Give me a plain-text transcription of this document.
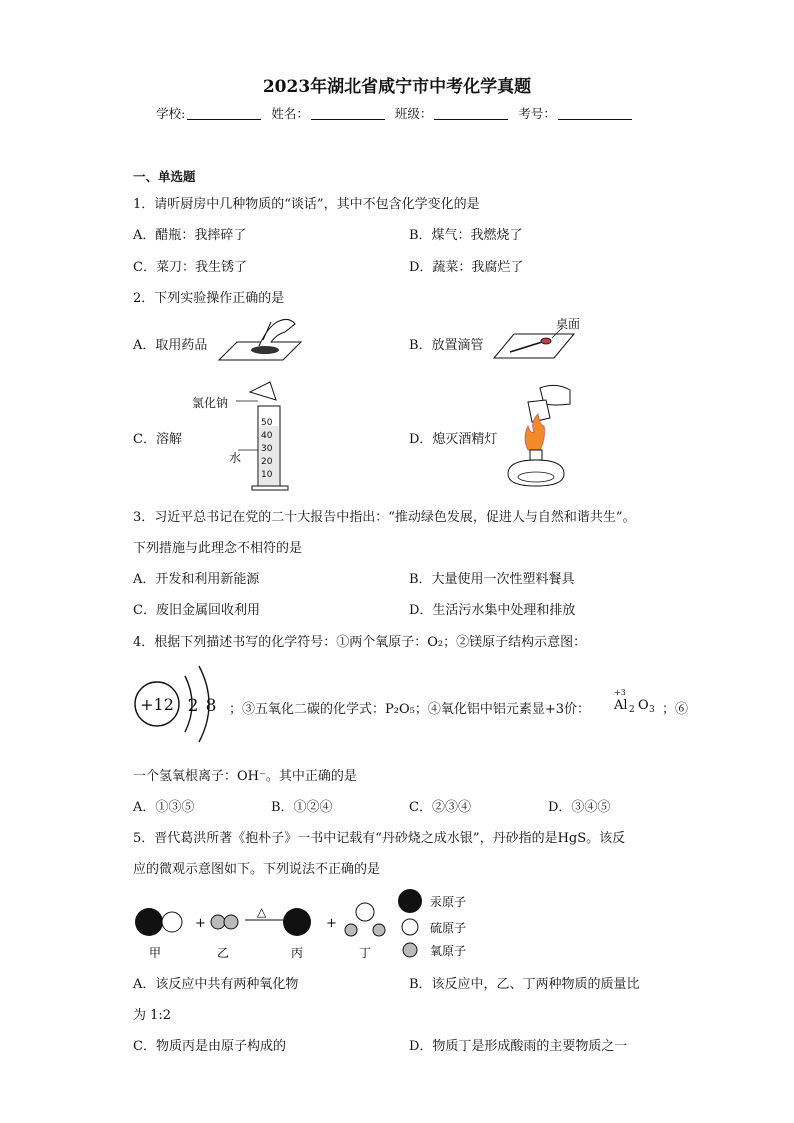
2023年湖北省咸宁市中考化学真题
学校:	姓名：	班级：	考号：
一、单选题
1．请听厨房中几种物质的“谈话”，其中不包含化学变化的是
A．醋瓶：我摔碎了	B．煤气：我燃烧了
C．菜刀：我生锈了	D．蔬菜：我腐烂了
2．下列实验操作正确的是
A．取用药品	B．放置滴管
桌面
氯化钠
C．溶解
水
50
40
30
20
10
D．熄灭酒精灯
3．习近平总书记在党的二十大报告中指出：“推动绿色发展，促进人与自然和谐共生”。
下列措施与此理念不相符的是
A．开发和利用新能源	B．大量使用一次性塑料餐具
C．废旧金属回收利用	D．生活污水集中处理和排放
4．根据下列描述书写的化学符号：①两个氧原子：O₂；②镁原子结构示意图：
+12 2 8 ；③五氧化二碳的化学式：P₂O₅；④氧化铝中铝元素显+3价：
+3
Al 2 O 3 ；⑥
一个氢氧根离子：OH⁻。其中正确的是
A．①③⑤	B．①②④	C．②③④	D．③④⑤
5．晋代葛洪所著《抱朴子》一书中记载有“丹砂烧之成水银”，丹砂指的是HgS。该反
应的微观示意图如下。下列说法不正确的是
+
△
+
甲	乙	丙	丁
汞原子
硫原子
氧原子
A．该反应中共有两种氧化物	B．该反应中，乙、丁两种物质的质量比
为 1:2
C．物质丙是由原子构成的	D．物质丁是形成酸雨的主要物质之一
